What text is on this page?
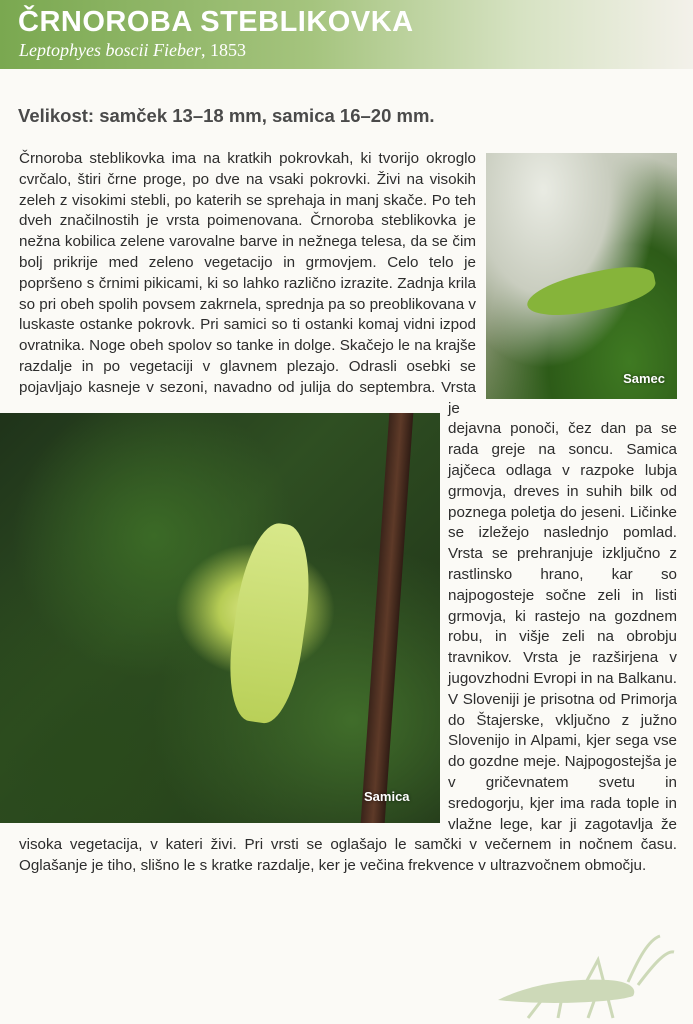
ČRNOROBA STEBLIKOVKA

Leptophyes boscii Fieber, 1853

Velikost: samček 13–18 mm, samica 16–20 mm.
Samec
Samica
Črnoroba steblikovka ima na kratkih pokrovkah, ki tvorijo okroglo cvrčalo, štiri črne proge, po dve na vsaki pokrovki. Živi na visokih zeleh z visokimi stebli, po katerih se sprehaja in manj skače. Po teh dveh značilnostih je vrsta poimenovana. Črnoroba steblikovka je nežna kobilica zelene varovalne barve in nežnega telesa, da se čim bolj prikrije med zeleno vegetacijo in grmovjem. Celo telo je popršeno s črnimi pikicami, ki so lahko različno izrazite. Zadnja krila so pri obeh spolih povsem zakrnela, sprednja pa so preoblikovana v luskaste ostanke pokrovk. Pri samici so ti ostanki komaj vidni izpod ovratnika. Noge obeh spolov so tanke in dolge. Skačejo le na krajše razdalje in po vegetaciji v glavnem plezajo. Odrasli osebki se pojavljajo kasneje v sezoni, navadno od julija do septembra. Vrsta je dejavna ponoči, čez dan pa se rada greje na soncu. Samica jajčeca odlaga v razpoke lubja grmovja, dreves in suhih bilk od poznega poletja do jeseni. Ličinke se izležejo naslednjo pomlad. Vrsta se prehranjuje izključno z rastlinsko hrano, kar so najpogosteje sočne zeli in listi grmovja, ki rastejo na gozdnem robu, in višje zeli na obrobju travnikov. Vrsta je razširjena v jugovzhodni Evropi in na Balkanu. V Sloveniji je prisotna od Primorja do Štajerske, vključno z južno Slovenijo in Alpami, kjer sega vse do gozdne meje. Najpogostejša je v gričevnatem svetu in sredogorju, kjer ima rada tople in vlažne lege, kar ji zagotavlja že visoka vegetacija, v kateri živi. Pri vrsti se oglašajo le samčki v večernem in nočnem času. Oglašanje je tiho, slišno le s kratke razdalje, ker je večina frekvence v ultrazvočnem območju.
